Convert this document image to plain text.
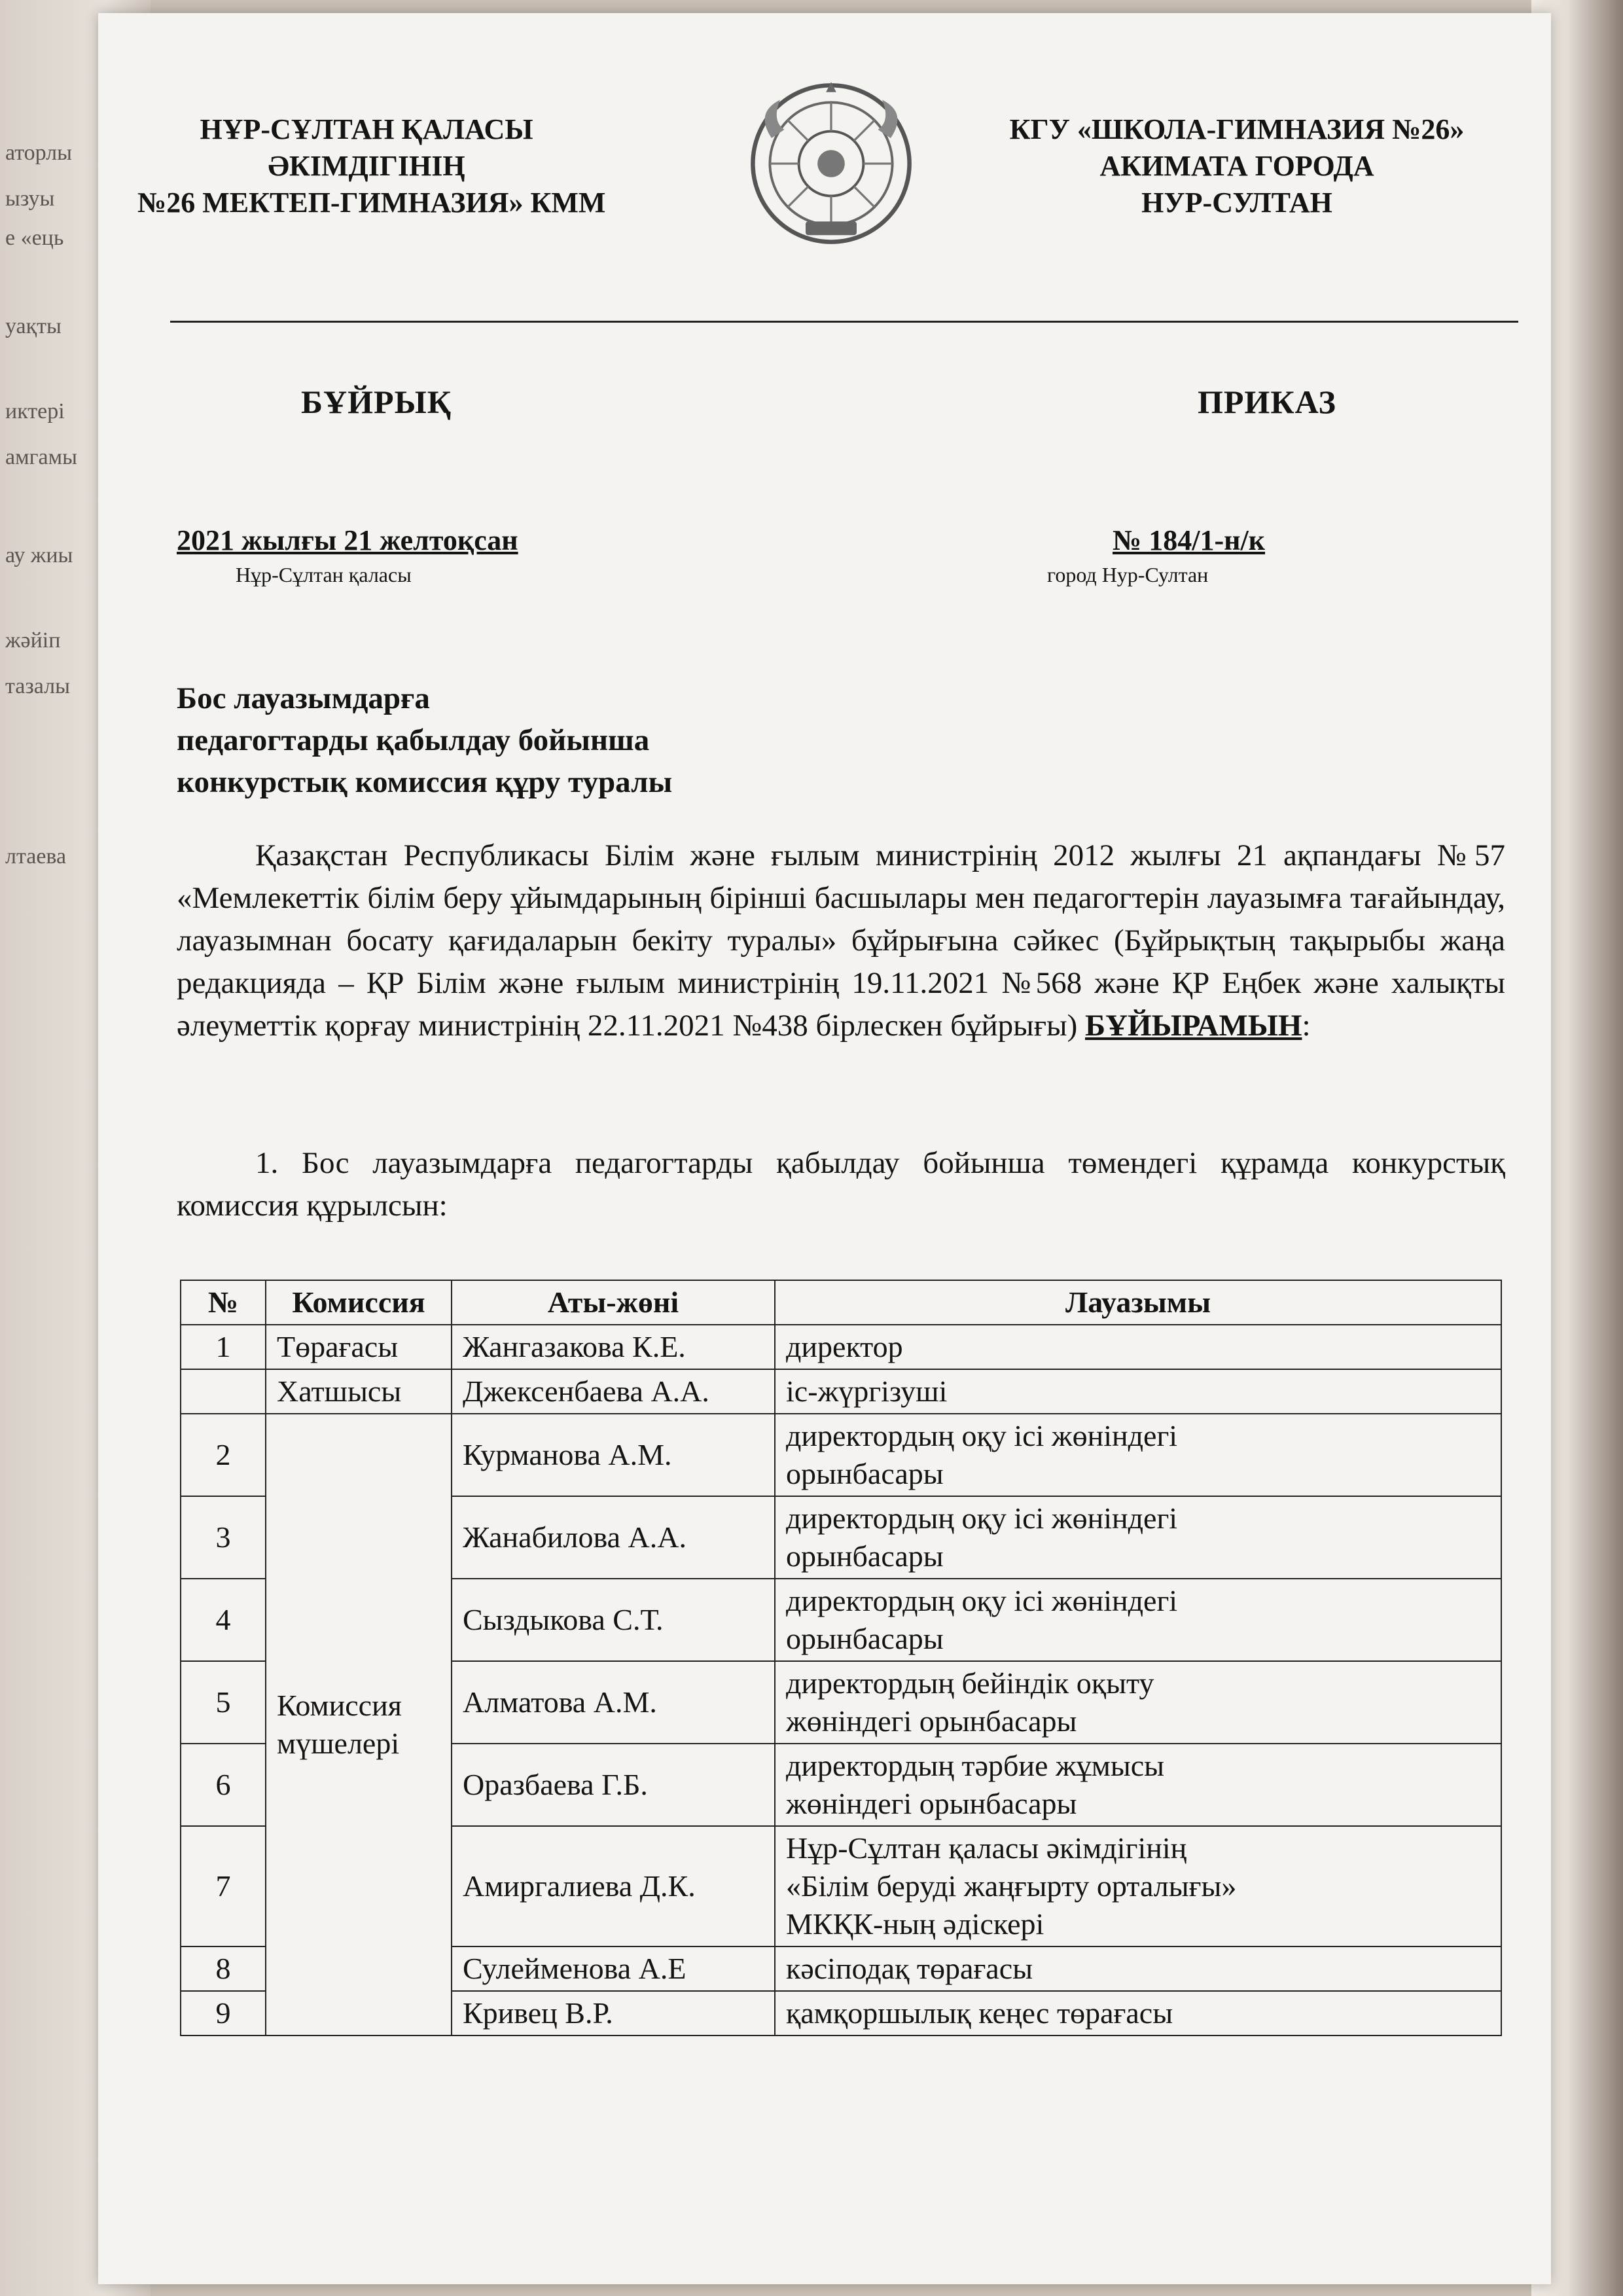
аторлы
ызуы
е «ець
уақты
иктері
амгамы
ау жиы
жәйіп
тазалы
лтаева
НҰР-СҰЛТАН ҚАЛАСЫ
ӘКІМДІГІНІҢ
№26 МЕКТЕП-ГИМНАЗИЯ» КММ
КГУ «ШКОЛА-ГИМНАЗИЯ №26»
АКИМАТА ГОРОДА
НУР-СУЛТАН
БҰЙРЫҚ	ПРИКАЗ
2021 жылғы 21 желтоқсан
Нұр-Сұлтан қаласы
№ 184/1-н/к
город Нур-Султан
Бос лауазымдарға
педагогтарды қабылдау бойынша
конкурстық комиссия құру туралы
Қазақстан Республикасы Білім және ғылым министрінің 2012 жылғы 21 ақпандағы №57 «Мемлекеттік білім беру ұйымдарының бірінші басшылары мен педагогтерін лауазымға тағайындау, лауазымнан босату қағидаларын бекіту туралы» бұйрығына сәйкес (Бұйрықтың тақырыбы жаңа редакцияда – ҚР Білім және ғылым министрінің 19.11.2021 №568 және ҚР Еңбек және халықты әлеуметтік қорғау министрінің 22.11.2021 №438 бірлескен бұйрығы) БҰЙЫРАМЫН:
1. Бос лауазымдарға педагогтарды қабылдау бойынша төмендегі құрамда конкурстық комиссия құрылсын:
№	Комиссия	Аты-жөні	Лауазымы
1	Төрағасы	Жангазакова К.Е.	директор

	Хатшысы	Джексенбаева А.А.	іс-жүргізуші

2	Комиссия мүшелері	Курманова А.М.	директордың оқу ісі жөніндегі
орынбасары

3		Жанабилова А.А.	директордың оқу ісі жөніндегі
орынбасары

4		Сыздыкова С.Т.	директордың оқу ісі жөніндегі
орынбасары

5		Алматова А.М.	директордың бейіндік оқыту
жөніндегі орынбасары

6		Оразбаева Г.Б.	директордың тәрбие жұмысы
жөніндегі орынбасары

7		Амиргалиева Д.К.	Нұр-Сұлтан қаласы әкімдігінің
«Білім беруді жаңғырту орталығы»
МКҚК-ның әдіскері

8		Сулейменова А.Е	кәсіподақ төрағасы

9		Кривец В.Р.	қамқоршылық кеңес төрағасы
